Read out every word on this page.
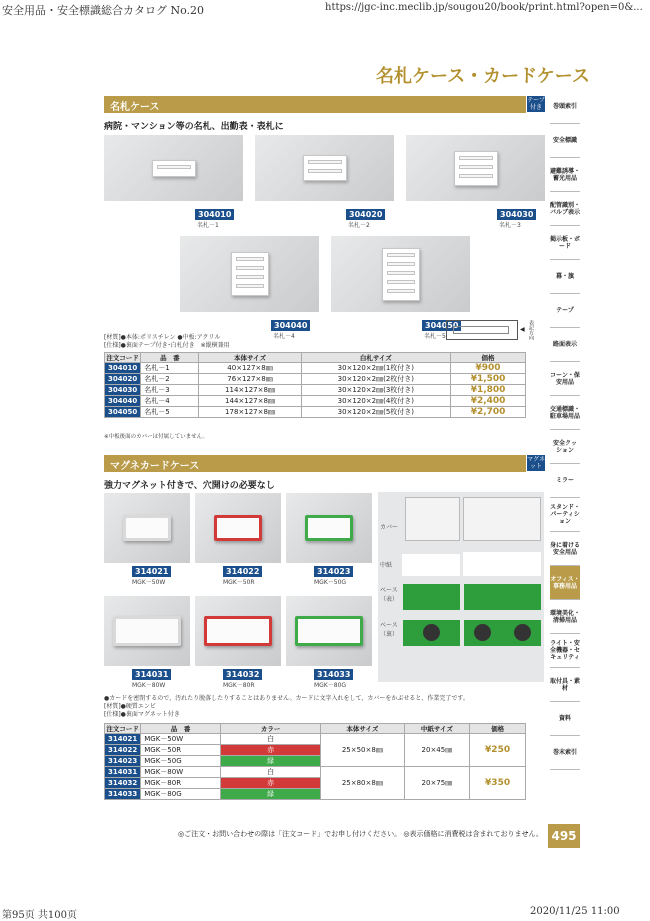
安全用品・安全標識総合カタログ No.20	https://jgc-inc.meclib.jp/sougou20/book/print.html?open=0&...
名札ケース・カードケース
名札ケース
テープ付き
病院・マンション等の名札、出勤表・表札に
304010
名札－1
304020
名札－2
304030
名札－3
304040
名札－4
304050
名札－5
◀ 表記方向
[材質]●本体:ポリスチレン ●中板:アクリル
[仕様]●裏面テープ付き･白札付き　※縦横兼用
注文コード	品　番	本体サイズ	白札サイズ	価格
304010	名札－1	40×127×8㎜	30×120×2㎜(1枚付き)	¥900
304020	名札－2	76×127×8㎜	30×120×2㎜(2枚付き)	¥1,500
304030	名札－3	114×127×8㎜	30×120×2㎜(3枚付き)	¥1,800
304040	名札－4	144×127×8㎜	30×120×2㎜(4枚付き)	¥2,400
304050	名札－5	178×127×8㎜	30×120×2㎜(5枚付き)	¥2,700
※中板後面のカバーは付属していません。
マグネカードケース
マグネット
強力マグネット付きで、穴開けの必要なし
314021
MGK－50W
314022
MGK－50R
314023
MGK－50G
314031
MGK－80W
314032
MGK－80R
314033
MGK－80G
カバー
中紙
ベース（表）
ベース（裏）
●カードを密閉するので、汚れたり脱落したりすることはありません。カードに文字入れをして、カバーをかぶせると、作業完了です。
[材質]●硬質エンビ
[仕様]●裏面マグネット付き
注文コード	品　番	カラー	本体サイズ	中紙サイズ	価格
314021	MGK－50W	白	25×50×8㎜	20×45㎜	¥250
314022	MGK－50R	赤			
314023	MGK－50G	緑			
314031	MGK－80W	白	25×80×8㎜	20×75㎜	¥350
314032	MGK－80R	赤			
314033	MGK－80G	緑			
◎ご注文・お問い合わせの際は「注文コード」でお申し付けください。 ◎表示価格に消費税は含まれておりません。 495
巻頭索引
安全標識
避難誘導・蓄光用品
配管識別・バルブ表示
掲示板・ボード
幕・旗
テープ
路面表示
コーン・保安用品
交通標識・駐車場用品
安全クッション
ミラー
スタンド・パーティション
身に着ける安全用品
オフィス・事務用品
環境美化・清掃用品
ライト・安全機器・セキュリティ
取付具・素材
資料
巻末索引
第95页 共100页	2020/11/25 11:00
